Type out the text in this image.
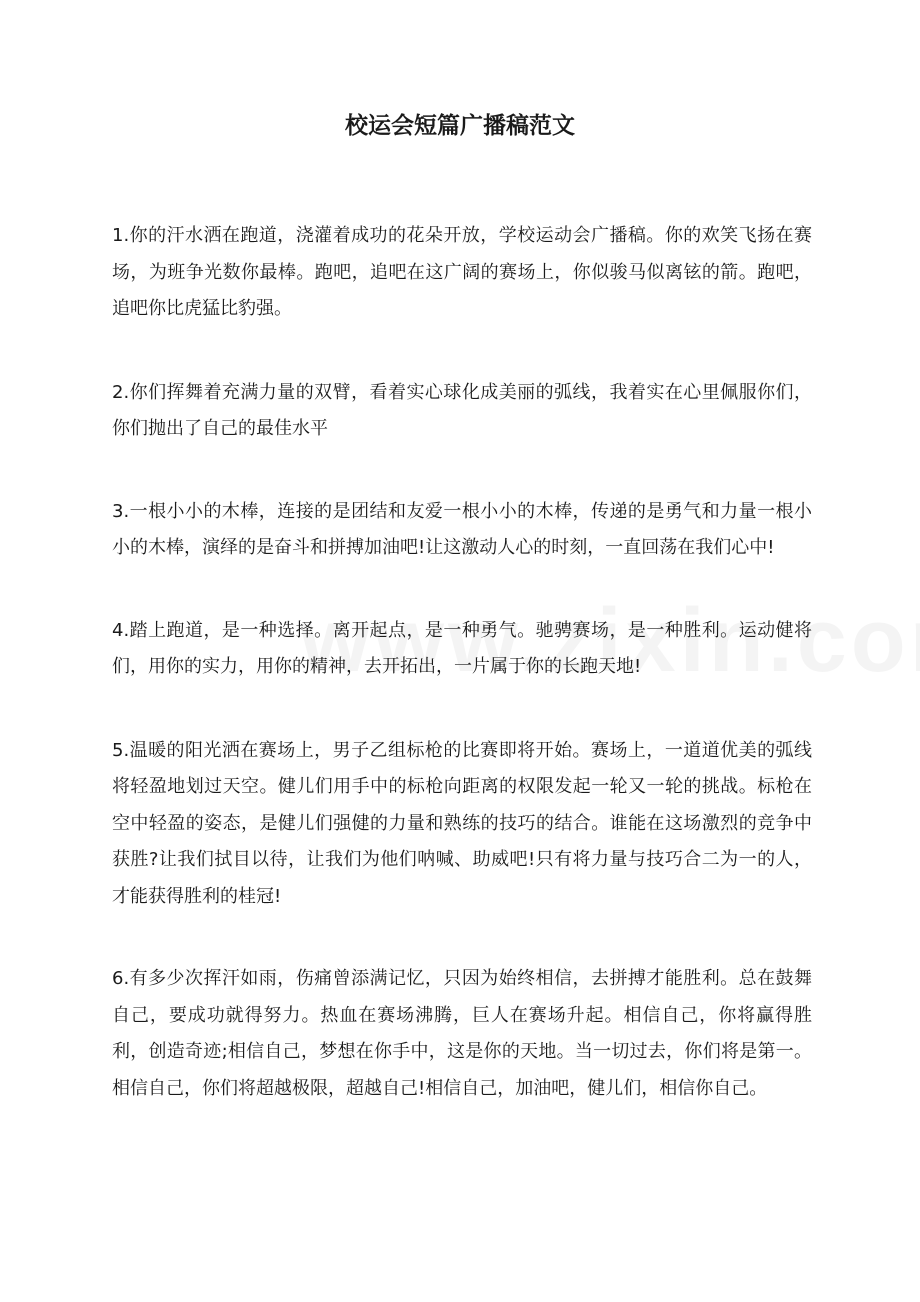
校运会短篇广播稿范文

1.你的汗水洒在跑道，浇灌着成功的花朵开放，学校运动会广播稿。你的欢笑飞扬在赛场，为班争光数你最棒。跑吧，追吧在这广阔的赛场上，你似骏马似离铉的箭。跑吧，追吧你比虎猛比豹强。

2.你们挥舞着充满力量的双臂，看着实心球化成美丽的弧线，我着实在心里佩服你们，你们抛出了自己的最佳水平

3.一根小小的木棒，连接的是团结和友爱一根小小的木棒，传递的是勇气和力量一根小小的木棒，演绎的是奋斗和拼搏加油吧!让这激动人心的时刻，一直回荡在我们心中!

4.踏上跑道，是一种选择。离开起点，是一种勇气。驰骋赛场，是一种胜利。运动健将们，用你的实力，用你的精神，去开拓出，一片属于你的长跑天地!

5.温暖的阳光洒在赛场上，男子乙组标枪的比赛即将开始。赛场上，一道道优美的弧线将轻盈地划过天空。健儿们用手中的标枪向距离的权限发起一轮又一轮的挑战。标枪在空中轻盈的姿态，是健儿们强健的力量和熟练的技巧的结合。谁能在这场激烈的竞争中获胜?让我们拭目以待，让我们为他们呐喊、助威吧!只有将力量与技巧合二为一的人，才能获得胜利的桂冠!

6.有多少次挥汗如雨，伤痛曾添满记忆，只因为始终相信，去拼搏才能胜利。总在鼓舞自己，要成功就得努力。热血在赛场沸腾，巨人在赛场升起。相信自己，你将赢得胜利，创造奇迹;相信自己，梦想在你手中，这是你的天地。当一切过去，你们将是第一。相信自己，你们将超越极限，超越自己!相信自己，加油吧，健儿们，相信你自己。
